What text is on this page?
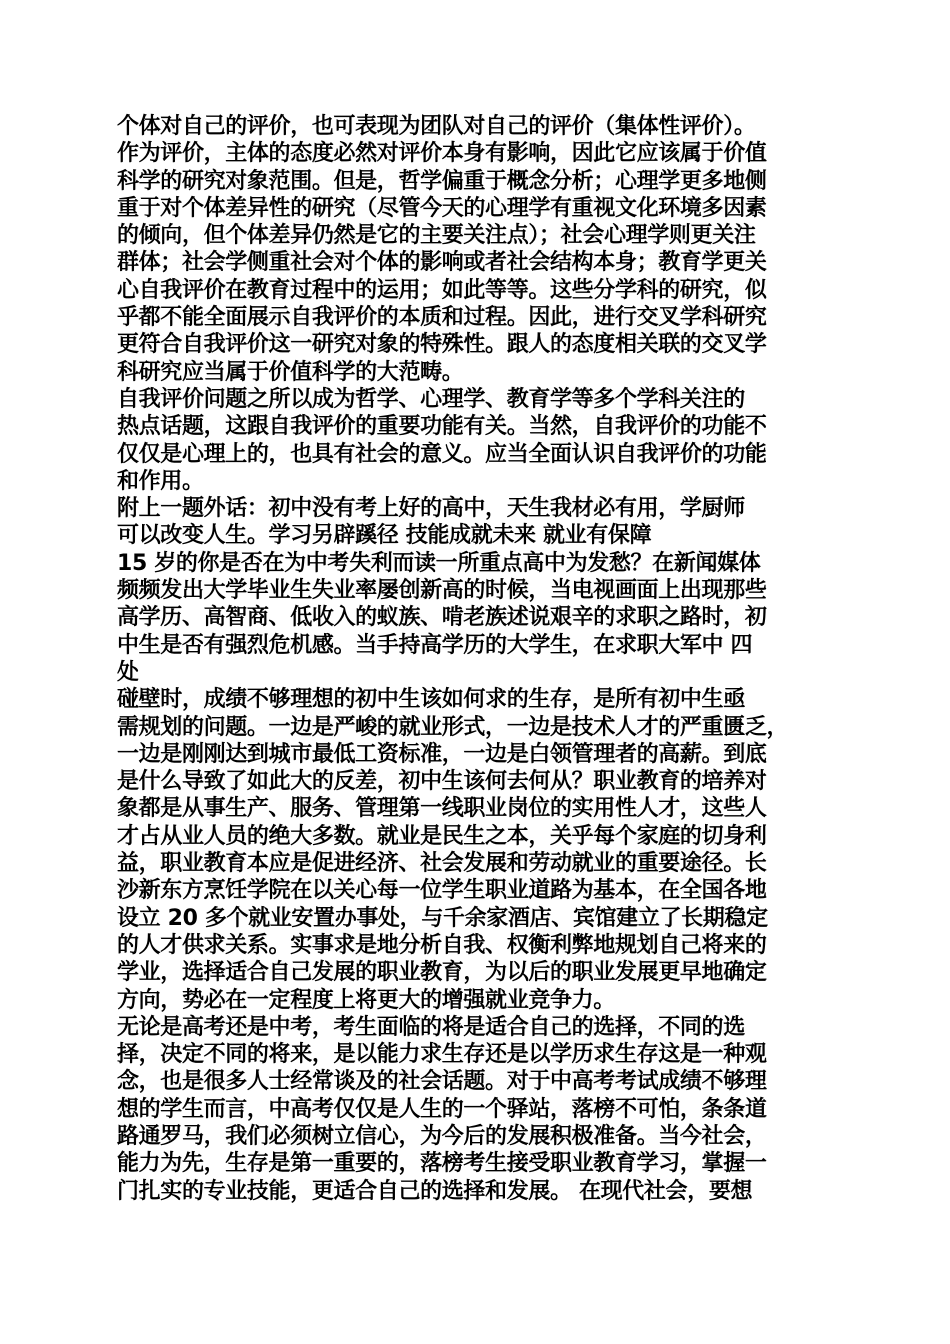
个体对自己的评价，也可表现为团队对自己的评价（集体性评价）。
作为评价，主体的态度必然对评价本身有影响，因此它应该属于价值
科学的研究对象范围。但是，哲学偏重于概念分析；心理学更多地侧
重于对个体差异性的研究（尽管今天的心理学有重视文化环境多因素
的倾向，但个体差异仍然是它的主要关注点）；社会心理学则更关注
群体；社会学侧重社会对个体的影响或者社会结构本身；教育学更关
心自我评价在教育过程中的运用；如此等等。这些分学科的研究，似
乎都不能全面展示自我评价的本质和过程。因此，进行交叉学科研究
更符合自我评价这一研究对象的特殊性。跟人的态度相关联的交叉学
科研究应当属于价值科学的大范畴。
自我评价问题之所以成为哲学、心理学、教育学等多个学科关注的
热点话题，这跟自我评价的重要功能有关。当然，自我评价的功能不
仅仅是心理上的，也具有社会的意义。应当全面认识自我评价的功能
和作用。
附上一题外话：初中没有考上好的高中，天生我材必有用，学厨师
可以改变人生。学习另辟蹊径 技能成就未来 就业有保障
15 岁的你是否在为中考失利而读一所重点高中为发愁？在新闻媒体
频频发出大学毕业生失业率屡创新高的时候，当电视画面上出现那些
高学历、高智商、低收入的蚁族、啃老族述说艰辛的求职之路时，初
中生是否有强烈危机感。当手持高学历的大学生，在求职大军中 四
处
碰壁时，成绩不够理想的初中生该如何求的生存，是所有初中生亟
需规划的问题。一边是严峻的就业形式，一边是技术人才的严重匮乏，
一边是刚刚达到城市最低工资标准，一边是白领管理者的高薪。到底
是什么导致了如此大的反差，初中生该何去何从？职业教育的培养对
象都是从事生产、服务、管理第一线职业岗位的实用性人才，这些人
才占从业人员的绝大多数。就业是民生之本，关乎每个家庭的切身利
益，职业教育本应是促进经济、社会发展和劳动就业的重要途径。长
沙新东方烹饪学院在以关心每一位学生职业道路为基本，在全国各地
设立 20 多个就业安置办事处，与千余家酒店、宾馆建立了长期稳定
的人才供求关系。实事求是地分析自我、权衡利弊地规划自己将来的
学业，选择适合自己发展的职业教育，为以后的职业发展更早地确定
方向，势必在一定程度上将更大的增强就业竞争力。
无论是高考还是中考，考生面临的将是适合自己的选择，不同的选
择，决定不同的将来，是以能力求生存还是以学历求生存这是一种观
念，也是很多人士经常谈及的社会话题。对于中高考考试成绩不够理
想的学生而言，中高考仅仅是人生的一个驿站，落榜不可怕，条条道
路通罗马，我们必须树立信心，为今后的发展积极准备。当今社会，
能力为先，生存是第一重要的，落榜考生接受职业教育学习，掌握一
门扎实的专业技能，更适合自己的选择和发展。 在现代社会，要想
